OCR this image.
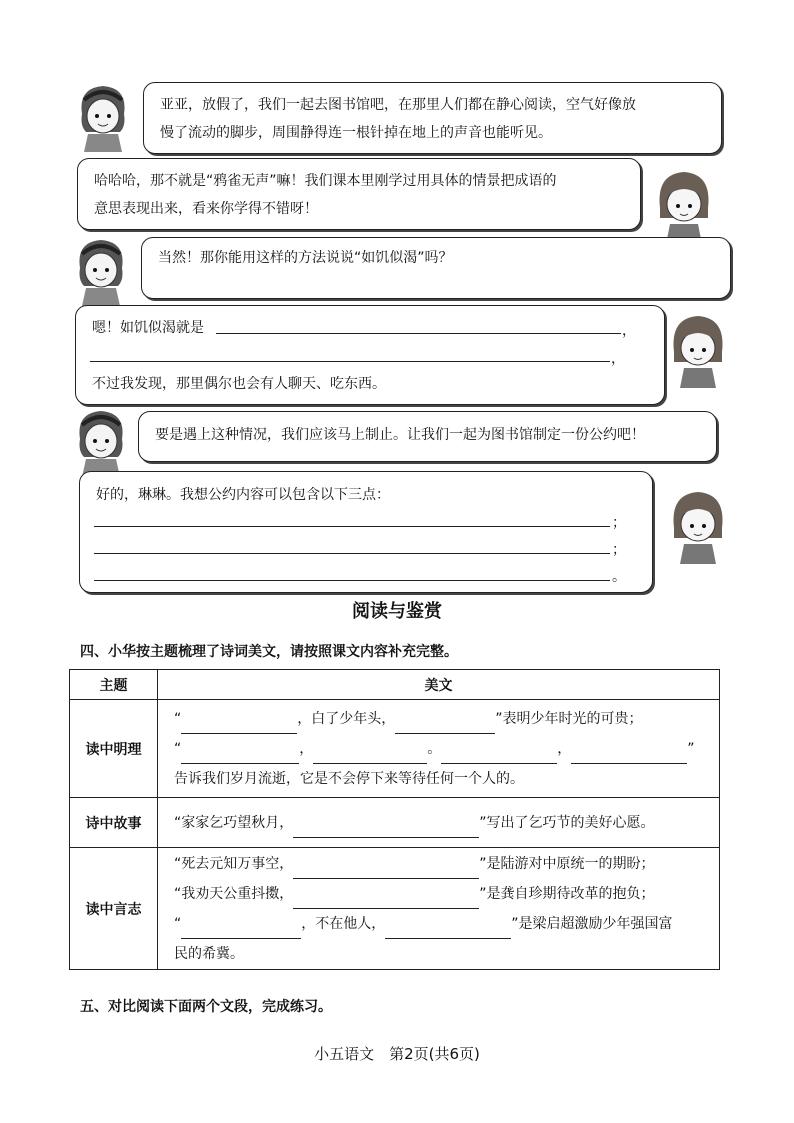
亚亚，放假了，我们一起去图书馆吧，在那里人们都在静心阅读，空气好像放
慢了流动的脚步，周围静得连一根针掉在地上的声音也能听见。
哈哈哈，那不就是“鸦雀无声”嘛！我们课本里刚学过用具体的情景把成语的
意思表现出来，看来你学得不错呀！
当然！那你能用这样的方法说说“如饥似渴”吗？
嗯！如饥似渴就是
不过我发现，那里偶尔也会有人聊天、吃东西。
，
，
要是遇上这种情况，我们应该马上制止。让我们一起为图书馆制定一份公约吧！
好的，琳琳。我想公约内容可以包含以下三点：
；
；
。
阅读与鉴赏
四、小华按主题梳理了诗词美文，请按照课文内容补充完整。
主题	美文
读中明理	“ ，白了少年头， ”表明少年时光的可贵；
“ ， 。 ， ”
告诉我们岁月流逝，它是不会停下来等待任何一个人的。

诗中故事	“家家乞巧望秋月， ”写出了乞巧节的美好心愿。

读中言志	“死去元知万事空， ”是陆游对中原统一的期盼；
“我劝天公重抖擞， ”是龚自珍期待改革的抱负；
“ ，不在他人， ”是梁启超激励少年强国富
民的希冀。
五、对比阅读下面两个文段，完成练习。
小五语文　第2页(共6页)
